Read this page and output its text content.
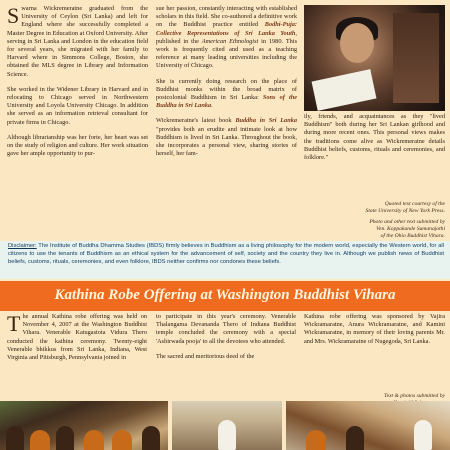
Swarna Wickremeratne graduated from the University of Ceylon (Sri Lanka) and left for England where she successfully completed a Master Degree in Education at Oxford University. After serving in Sri Lanka and London in the education field for several years, she migrated with her family to Harvard where in Simmons College, Boston, she obtained the MLS degree in Library and Information Science.

She worked in the Widener Library in Harvard and in relocating to Chicago served in Northwestern University and Loyola University Chicago. In addition she served as an information retrieval consultant for private firms in Chicago.

Although librarianship was her forte, her heart was set on the study of religion and culture. Her work situation gave her ample opportunity to pur-

sue her passion, constantly interacting with established scholars in this field. She co-authored a definitive work on the Buddhist practice entitled Bodhi-Puja: Collective Representations of Sri Lanka Youth, published in the American Ethnologist in 1980. This work is frequently cited and used as a teaching reference at many leading universities including the University of Chicago.

She is currently doing research on the place of Buddhist monks within the broad matrix of postcolonial Buddhism in Sri Lanka: Sons of the Buddha in Sri Lanka.

Wickremeratne's latest book Buddha in Sri Lanka "provides both an erudite and intimate look at how Buddhism is lived in Sri Lanka. Throughout the book, she incorporates a personal view, sharing stories of herself, her fam-

ily, friends, and acquaintances as they "lived Buddhism" both during her Sri Lankan girlhood and during more recent ones. This personal views makes the traditions come alive as Wickremeratne details Buddhist beliefs, customs, rituals and ceremonies, and folklore."

Quoted text courtesy of the
State University of New York Press.
Photo and other text submitted by
Ven. Koppakande Sumanajothi
of the Ohio Buddhist Vihara.
Disclaimer: The Institute of Buddha Dhamma Studies (IBDS) firmly believes in Buddhism as a living philosophy for the modern world, especially the Western world, for all citizens to use the tenants of Buddhism as an ethical system for the advancement of self, society and the country they live in. Although we publish news of Buddhist beliefs, customs, rituals, ceremonies, and even folklore, IBDS neither confirms nor condones these beliefs.
Kathina Robe Offering at Washington Buddhist Vihara

The annual Kathina robe offering was held on November 4, 2007 at the Washington Buddhist Vihara. Venerable Katugastota Vidura Thero conducted the kathina ceremony. Twenty-eight Venerable bhikkus from Sri Lanka, Indiana, West Virginia and Pittsburgh, Pennsylvania joined in

to participate in this year's ceremony. Venerable Thalangama Devananda Thero of Indiana Buddhist temple concluded the ceremony with a special 'Ashirwada pooja' to all the devotees who attended.

The sacred and meritorious deed of the

Kathina robe offering was sponsored by Vajira Wickramaratne, Anura Wickramaratne, and Kamini Wickramaratne, in memory of their loving parents Mr. and Mrs. Wickramaratne of Nugegoda, Sri Lanka.

Text & photos submitted by
